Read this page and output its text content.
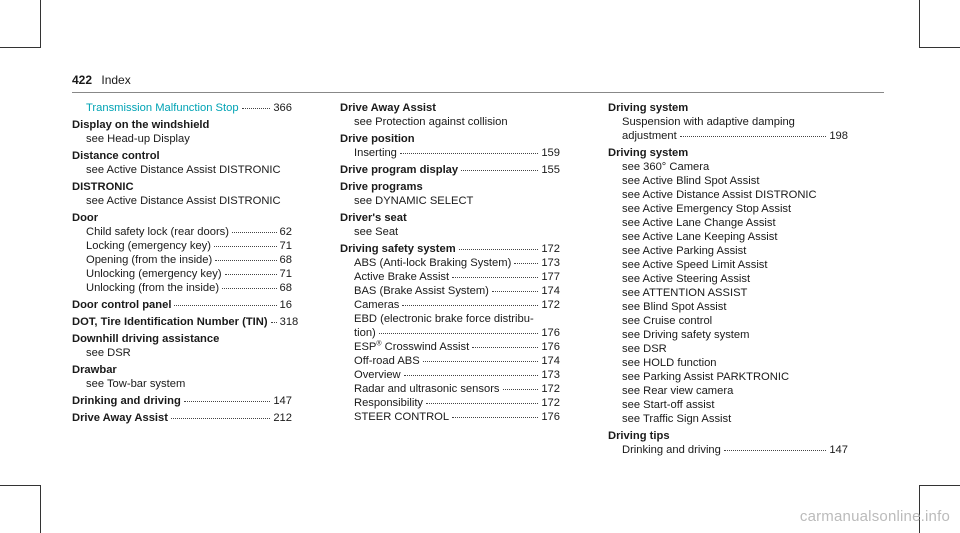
422 Index
Transmission Malfunction Stop	366
Display on the windshield
see Head-up Display
Distance control
see Active Distance Assist DISTRONIC
DISTRONIC
see Active Distance Assist DISTRONIC
Door
Child safety lock (rear doors)	62
Locking (emergency key)	71
Opening (from the inside)	68
Unlocking (emergency key)	71
Unlocking (from the inside)	68
Door control panel	16
DOT, Tire Identification Number (TIN) 318
Downhill driving assistance
see DSR
Drawbar
see Tow-bar system
Drinking and driving	147
Drive Away Assist	212
Drive Away Assist
see Protection against collision
Drive position
Inserting	159
Drive program display	155
Drive programs
see DYNAMIC SELECT
Driver's seat
see Seat
Driving safety system	172
ABS (Anti-lock Braking System)	173
Active Brake Assist	177
BAS (Brake Assist System)	174
Cameras	172
EBD (electronic brake force distribu-
tion)	176
ESP® Crosswind Assist	176
Off-road ABS	174
Overview	173
Radar and ultrasonic sensors	172
Responsibility	172
STEER CONTROL	176
Driving system
Suspension with adaptive damping
adjustment	198
Driving system
see 360° Camera
see Active Blind Spot Assist
see Active Distance Assist DISTRONIC
see Active Emergency Stop Assist
see Active Lane Change Assist
see Active Lane Keeping Assist
see Active Parking Assist
see Active Speed Limit Assist
see Active Steering Assist
see ATTENTION ASSIST
see Blind Spot Assist
see Cruise control
see Driving safety system
see DSR
see HOLD function
see Parking Assist PARKTRONIC
see Rear view camera
see Start-off assist
see Traffic Sign Assist
Driving tips
Drinking and driving	147
carmanualsonline.info
